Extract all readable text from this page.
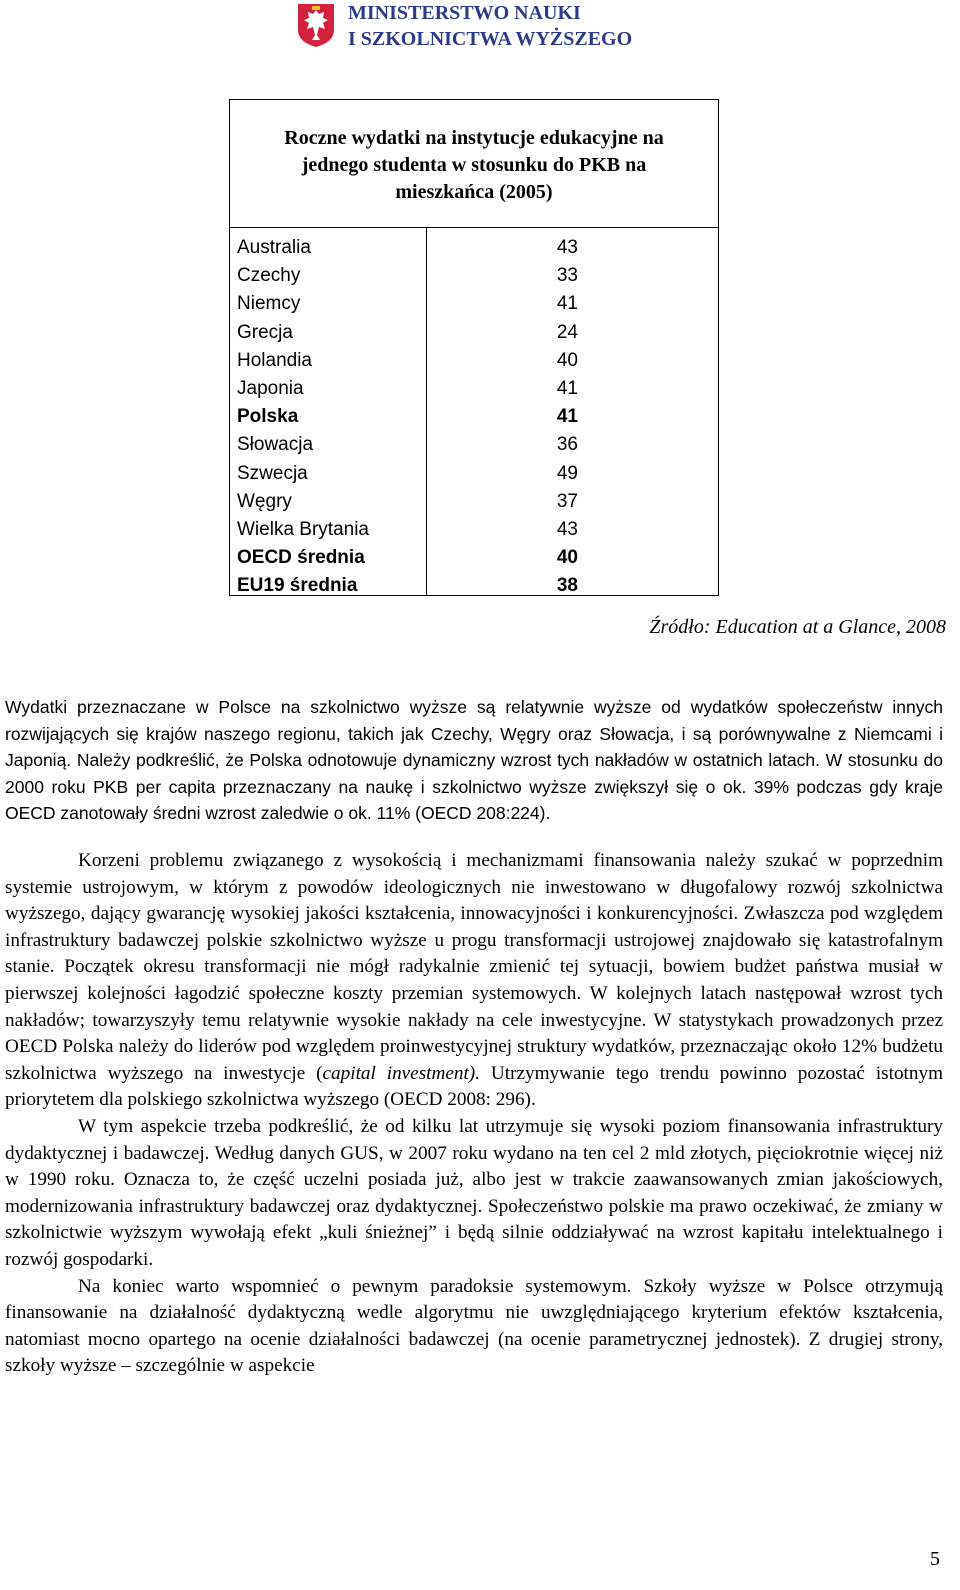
MINISTERSTWO NAUKI
I SZKOLNICTWA WYŻSZEGO
Roczne wydatki na instytucje edukacyjne na
jednego studenta w stosunku do PKB na
mieszkańca (2005)
Australia	43
Czechy	33
Niemcy	41
Grecja	24
Holandia	40
Japonia	41
Polska	41
Słowacja	36
Szwecja	49
Węgry	37
Wielka Brytania	43
OECD średnia	40
EU19 średnia	38
Źródło: Education at a Glance, 2008

Wydatki przeznaczane w Polsce na szkolnictwo wyższe są relatywnie wyższe od wydatków społeczeństw innych rozwijających się krajów naszego regionu, takich jak Czechy, Węgry oraz Słowacja, i są porównywalne z Niemcami i Japonią. Należy podkreślić, że Polska odnotowuje dynamiczny wzrost tych nakładów w ostatnich latach. W stosunku do 2000 roku PKB per capita przeznaczany na naukę i szkolnictwo wyższe zwiększył się o ok. 39% podczas gdy kraje OECD zanotowały średni wzrost zaledwie o ok. 11% (OECD 208:224).

Korzeni problemu związanego z wysokością i mechanizmami finansowania należy szukać w poprzednim systemie ustrojowym, w którym z powodów ideologicznych nie inwestowano w długofalowy rozwój szkolnictwa wyższego, dający gwarancję wysokiej jakości kształcenia, innowacyjności i konkurencyjności. Zwłaszcza pod względem infrastruktury badawczej polskie szkolnictwo wyższe u progu transformacji ustrojowej znajdowało się katastrofalnym stanie. Początek okresu transformacji nie mógł radykalnie zmienić tej sytuacji, bowiem budżet państwa musiał w pierwszej kolejności łagodzić społeczne koszty przemian systemowych. W kolejnych latach następował wzrost tych nakładów; towarzyszyły temu relatywnie wysokie nakłady na cele inwestycyjne. W statystykach prowadzonych przez OECD Polska należy do liderów pod względem proinwestycyjnej struktury wydatków, przeznaczając około 12% budżetu szkolnictwa wyższego na inwestycje (capital investment). Utrzymywanie tego trendu powinno pozostać istotnym priorytetem dla polskiego szkolnictwa wyższego (OECD 2008: 296).

W tym aspekcie trzeba podkreślić, że od kilku lat utrzymuje się wysoki poziom finansowania infrastruktury dydaktycznej i badawczej. Według danych GUS, w 2007 roku wydano na ten cel 2 mld złotych, pięciokrotnie więcej niż w 1990 roku. Oznacza to, że część uczelni posiada już, albo jest w trakcie zaawansowanych zmian jakościowych, modernizowania infrastruktury badawczej oraz dydaktycznej. Społeczeństwo polskie ma prawo oczekiwać, że zmiany w szkolnictwie wyższym wywołają efekt „kuli śnieżnej” i będą silnie oddziaływać na wzrost kapitału intelektualnego i rozwój gospodarki.

Na koniec warto wspomnieć o pewnym paradoksie systemowym. Szkoły wyższe w Polsce otrzymują finansowanie na działalność dydaktyczną wedle algorytmu nie uwzględniającego kryterium efektów kształcenia, natomiast mocno opartego na ocenie działalności badawczej (na ocenie parametrycznej jednostek). Z drugiej strony, szkoły wyższe – szczególnie w aspekcie

5
